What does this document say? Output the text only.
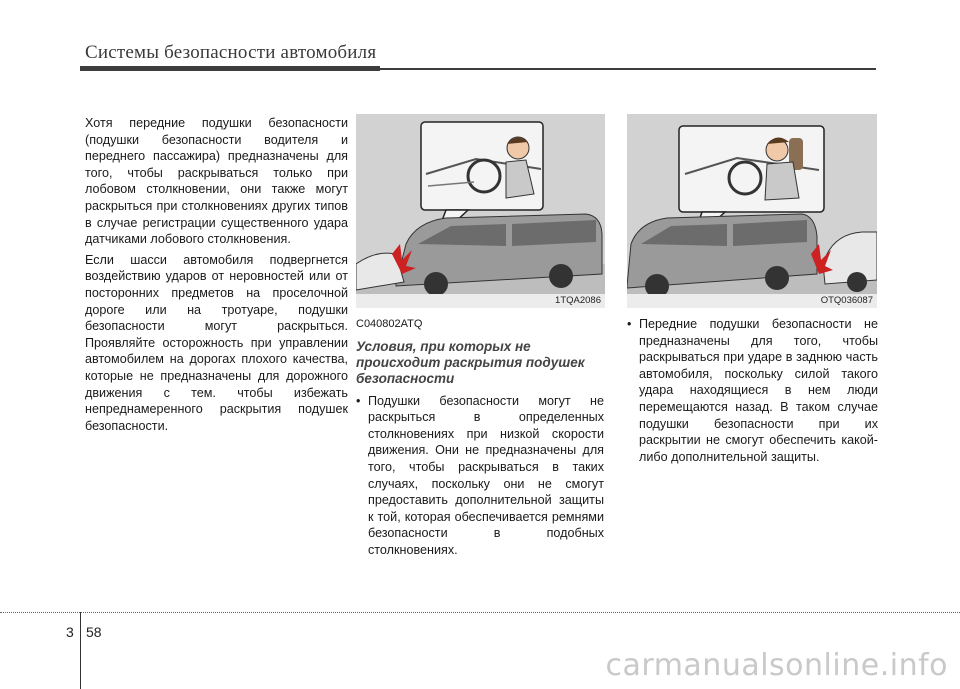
Системы безопасности автомобиля

Хотя передние подушки безопасности (подушки безопасности водителя и переднего пассажира) предназначены для того, чтобы раскрываться только при лобовом столкновении, они также могут раскрыться при столкновениях других типов в случае регистрации существенного удара датчиками лобового столкновения.

Если шасси автомобиля подвергнется воздействию ударов от неровностей или от посторонних предметов на проселочной дороге или на тротуаре, подушки безопасности могут раскрыться. Проявляйте осторожность при управлении автомобилем на дорогах плохого качества, которые не предназначены для дорожного движения с тем. чтобы избежать непреднамеренного раскрытия подушек безопасности.

1TQA2086	OTQ036087

C040802ATQ

Условия, при которых не происходит раскрытия подушек безопасности

• Подушки безопасности могут не раскрыться в определенных столкновениях при низкой скорости движения. Они не предназначены для того, чтобы раскрываться в таких случаях, поскольку они не смогут предоставить дополнительной защиты к той, которая обеспечивается ремнями безопасности в подобных столкновениях.

• Передние подушки безопасности не предназначены для того, чтобы раскрываться при ударе в заднюю часть автомобиля, поскольку силой такого удара находящиеся в нем люди перемещаются назад. В таком случае подушки безопасности при их раскрытии не смогут обеспечить какой-либо дополнительной защиты.

3 58
carmanualsonline.info
